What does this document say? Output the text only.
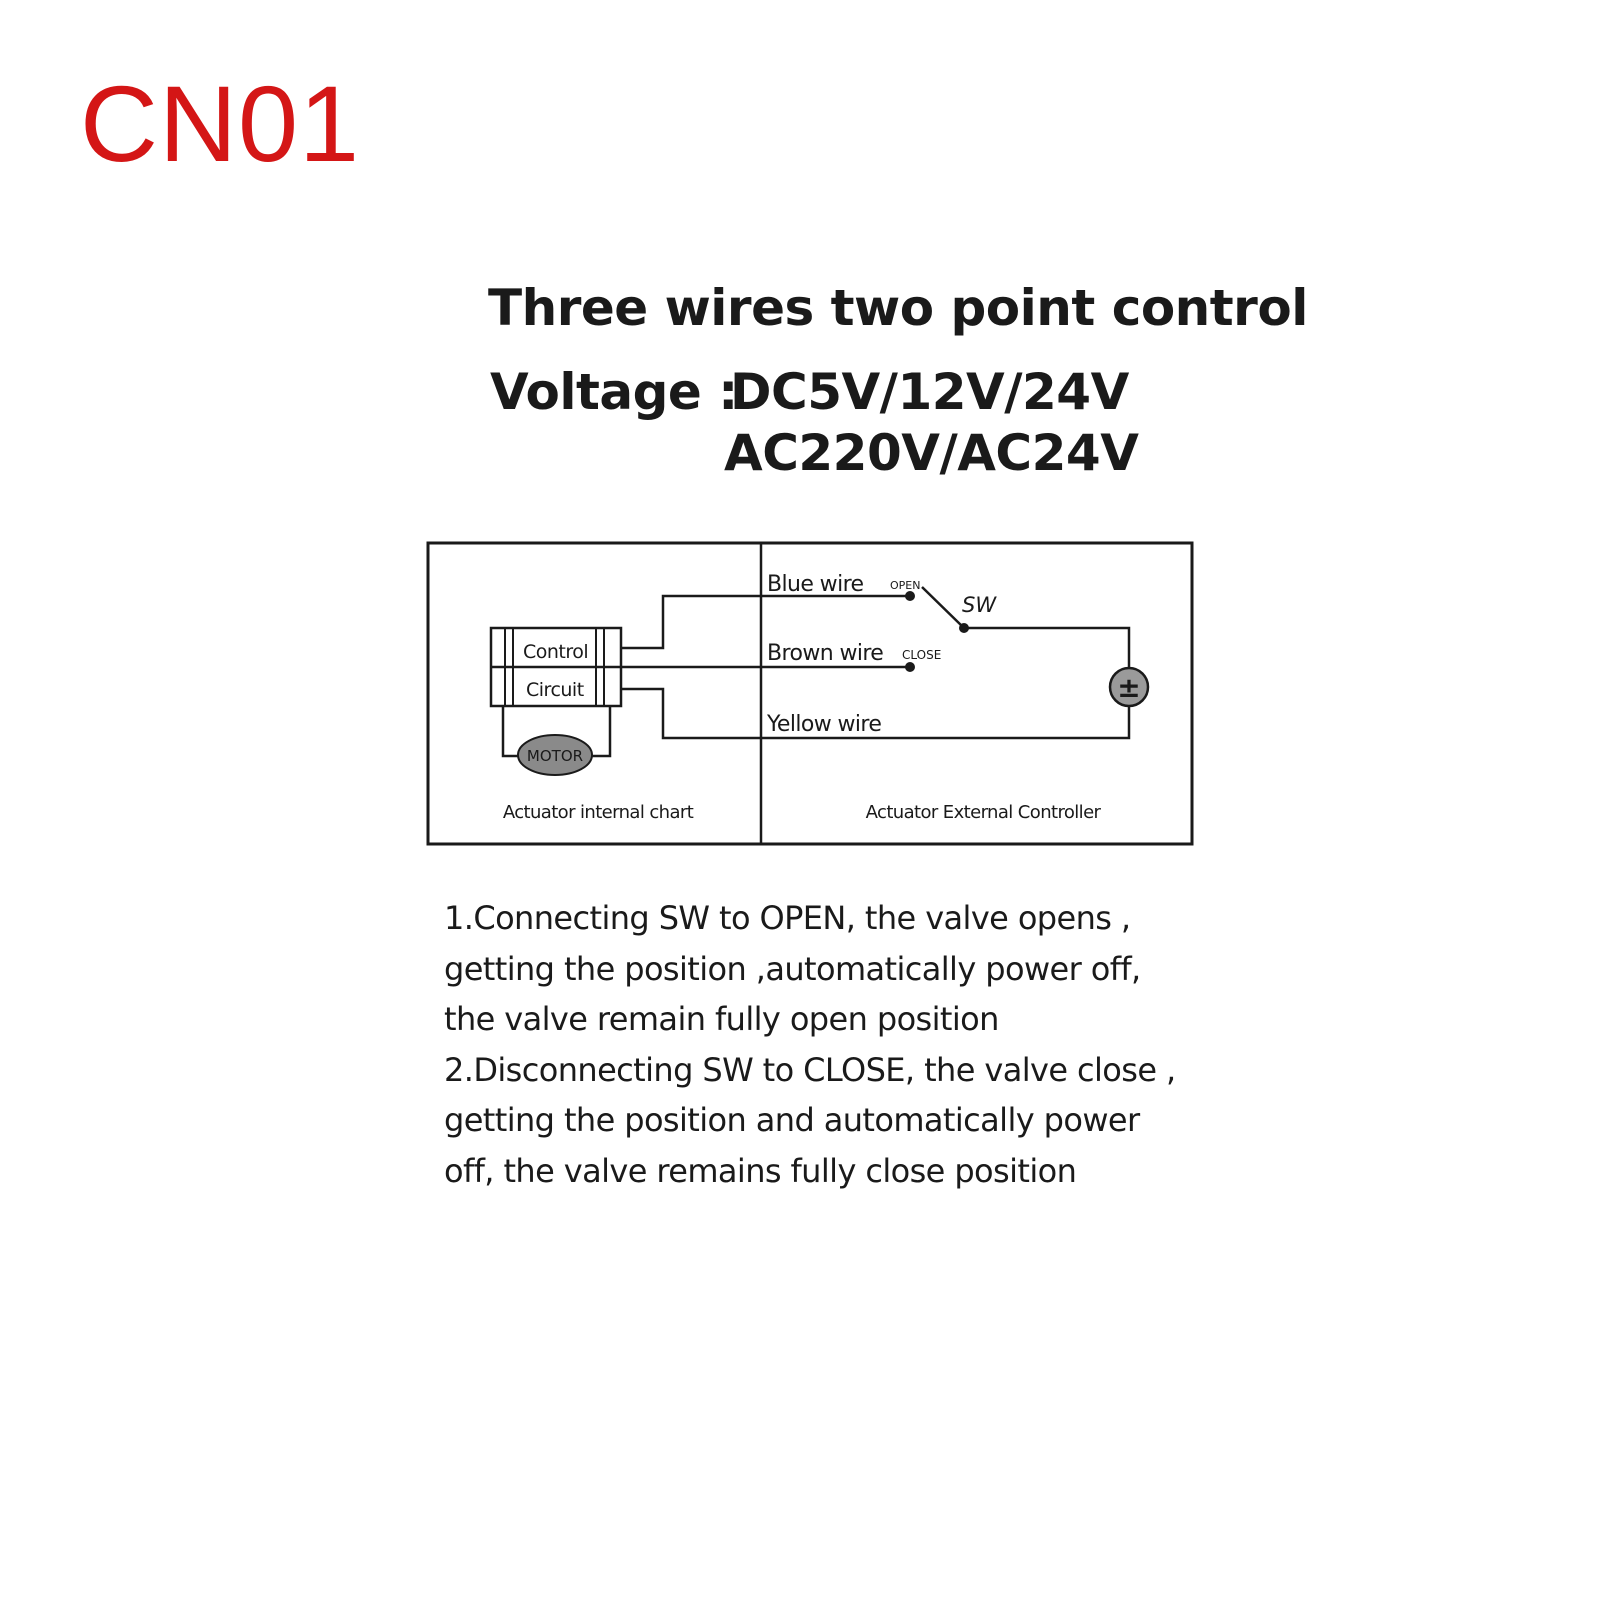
CN01
Three wires two point control
Voltage :
DC5V/12V/24V
AC220V/AC24V
Control
Circuit
MOTOR
±
Blue wire OPEN
SW
Brown wire CLOSE
Yellow wire
Actuator internal chart	Actuator External Controller
1.Connecting SW to OPEN, the valve opens ,
getting the position ,automatically power off,
the valve remain fully open position
2.Disconnecting SW to CLOSE, the valve close ,
getting the position and automatically power
off, the valve remains fully close position
